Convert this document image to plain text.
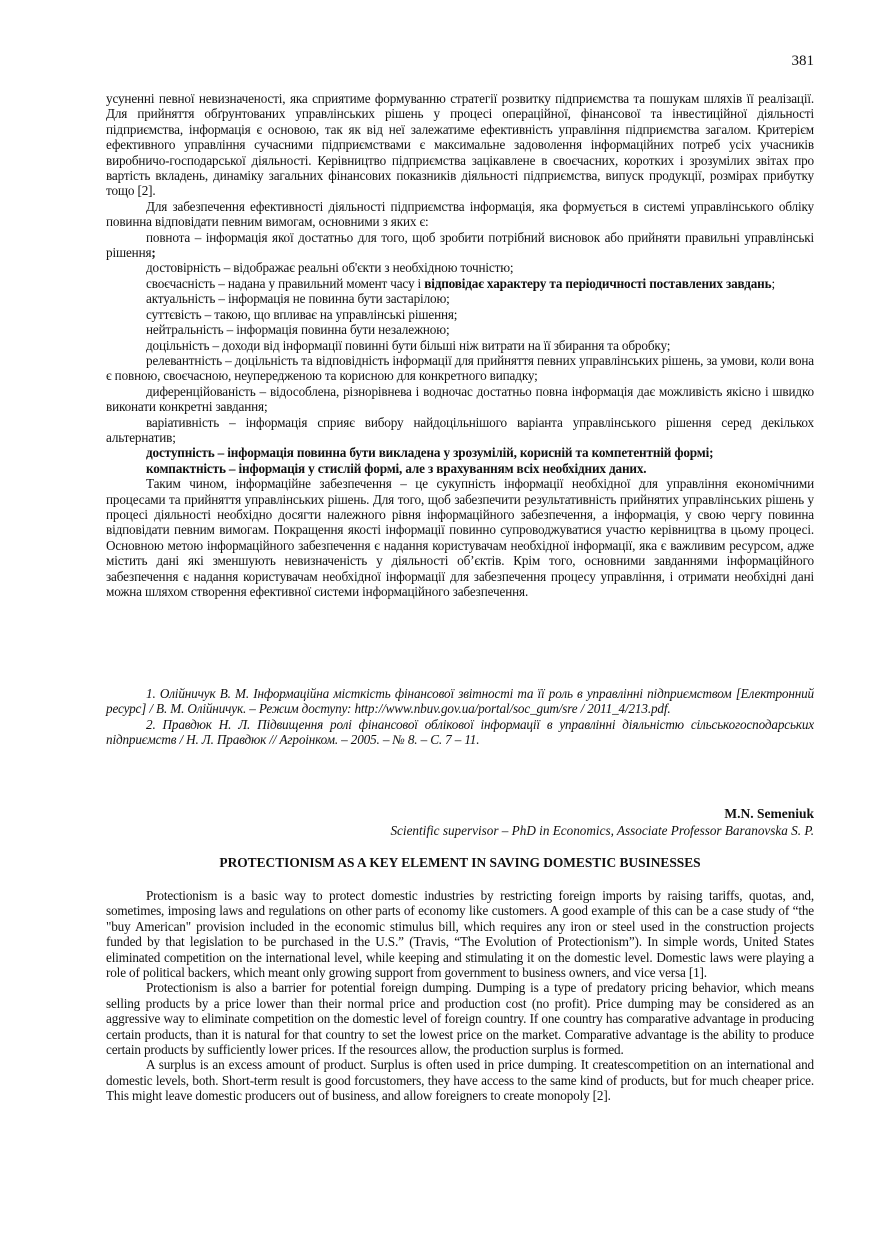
381

усуненні певної невизначеності, яка сприятиме формуванню стратегії розвитку підприємства та пошукам шляхів її реалізації. Для прийняття обґрунтованих управлінських рішень у процесі операційної, фінансової та інвестиційної діяльності підприємства, інформація є основою, так як від неї залежатиме ефективність управління підприємства загалом. Критерієм ефективного управління сучасними підприємствами є максимальне задоволення інформаційних потреб усіх учасників виробничо-господарської діяльності. Керівництво підприємства зацікавлене в своєчасних, коротких і зрозумілих звітах про вартість вкладень, динаміку загальних фінансових показників діяльності підприємства, випуск продукції, розмірах прибутку тощо [2].

Для забезпечення ефективності діяльності підприємства інформація, яка формується в системі управлінського обліку повинна відповідати певним вимогам, основними з яких є:

повнота – інформація якої достатньо для того, щоб зробити потрібний висновок або прийняти правильні управлінські рішення;

достовірність – відображає реальні об'єкти з необхідною точністю;

своєчасність – надана у правильний момент часу і відповідає характеру та періодичності поставлених завдань;

актуальність – інформація не повинна бути застарілою;

суттєвість – такою, що впливає на управлінські рішення;

нейтральність – інформація повинна бути незалежною;

доцільність – доходи від інформації повинні бути більші ніж витрати на її збирання та обробку;

релевантність – доцільність та відповідність інформації для прийняття певних управлінських рішень, за умови, коли вона є повною, своєчасною, неупередженою та корисною для конкретного випадку;

диференційованість – відособлена, різнорівнева і водночас достатньо повна інформація дає можливість якісно і швидко виконати конкретні завдання;

варіативність – інформація сприяє вибору найдоцільнішого варіанта управлінського рішення серед декількох альтернатив;

доступність – інформація повинна бути викладена у зрозумілій, корисній та компетентній формі;

компактність – інформація у стислій формі, але з врахуванням всіх необхідних даних.

Таким чином, інформаційне забезпечення – це сукупність інформації необхідної для управління економічними процесами та прийняття управлінських рішень. Для того, щоб забезпечити результативність прийнятих управлінських рішень у процесі діяльності необхідно досягти належного рівня інформаційного забезпечення, а інформація, у свою чергу повинна відповідати певним вимогам. Покращення якості інформації повинно супроводжуватися участю керівництва в цьому процесі. Основною метою інформаційного забезпечення є надання користувачам необхідної інформації, яка є важливим ресурсом, адже містить дані які зменшують невизначеність у діяльності об’єктів. Крім того, основними завданнями інформаційного забезпечення є надання користувачам необхідної інформації для забезпечення процесу управління, і отримати необхідні дані можна шляхом створення ефективної системи інформаційного забезпечення.

1. Олійничук В. М. Інформаційна місткість фінансової звітності та її роль в управлінні підприємством [Електронний ресурс] / В. М. Олійничук. – Режим доступу: http://www.nbuv.gov.ua/portal/soc_gum/sre / 2011_4/213.pdf.

2. Правдюк Н. Л. Підвищення ролі фінансової облікової інформації в управлінні діяльністю сільськогосподарських підприємств / Н. Л. Правдюк // Агроінком. – 2005. – № 8. – С. 7 – 11.

M.N. Semeniuk
Scientific supervisor – PhD in Economics, Associate Professor Baranovska S. P.
PROTECTIONISM AS A KEY ELEMENT IN SAVING DOMESTIC BUSINESSES

Protectionism is a basic way to protect domestic industries by restricting foreign imports by raising tariffs, quotas, and, sometimes, imposing laws and regulations on other parts of economy like customers. A good example of this can be a case study of “the "buy American" provision included in the economic stimulus bill, which requires any iron or steel used in the construction projects funded by that legislation to be purchased in the U.S.” (Travis, “The Evolution of Protectionism”). In simple words, United States eliminated competition on the international level, while keeping and stimulating it on the domestic level. Domestic laws were playing a role of political backers, which meant only growing support from government to business owners, and vice versa [1].

Protectionism is also a barrier for potential foreign dumping. Dumping is a type of predatory pricing behavior, which means selling products by a price lower than their normal price and production cost (no profit). Price dumping may be considered as an aggressive way to eliminate competition on the domestic level of foreign country. If one country has comparative advantage in producing certain products, than it is natural for that country to set the lowest price on the market. Comparative advantage is the ability to produce certain products by sufficiently lower prices. If the resources allow, the production surplus is formed.

A surplus is an excess amount of product. Surplus is often used in price dumping. It createscompetition on an international and domestic levels, both. Short-term result is good forcustomers, they have access to the same kind of products, but for much cheaper price. This might leave domestic producers out of business, and allow foreigners to create monopoly [2].
